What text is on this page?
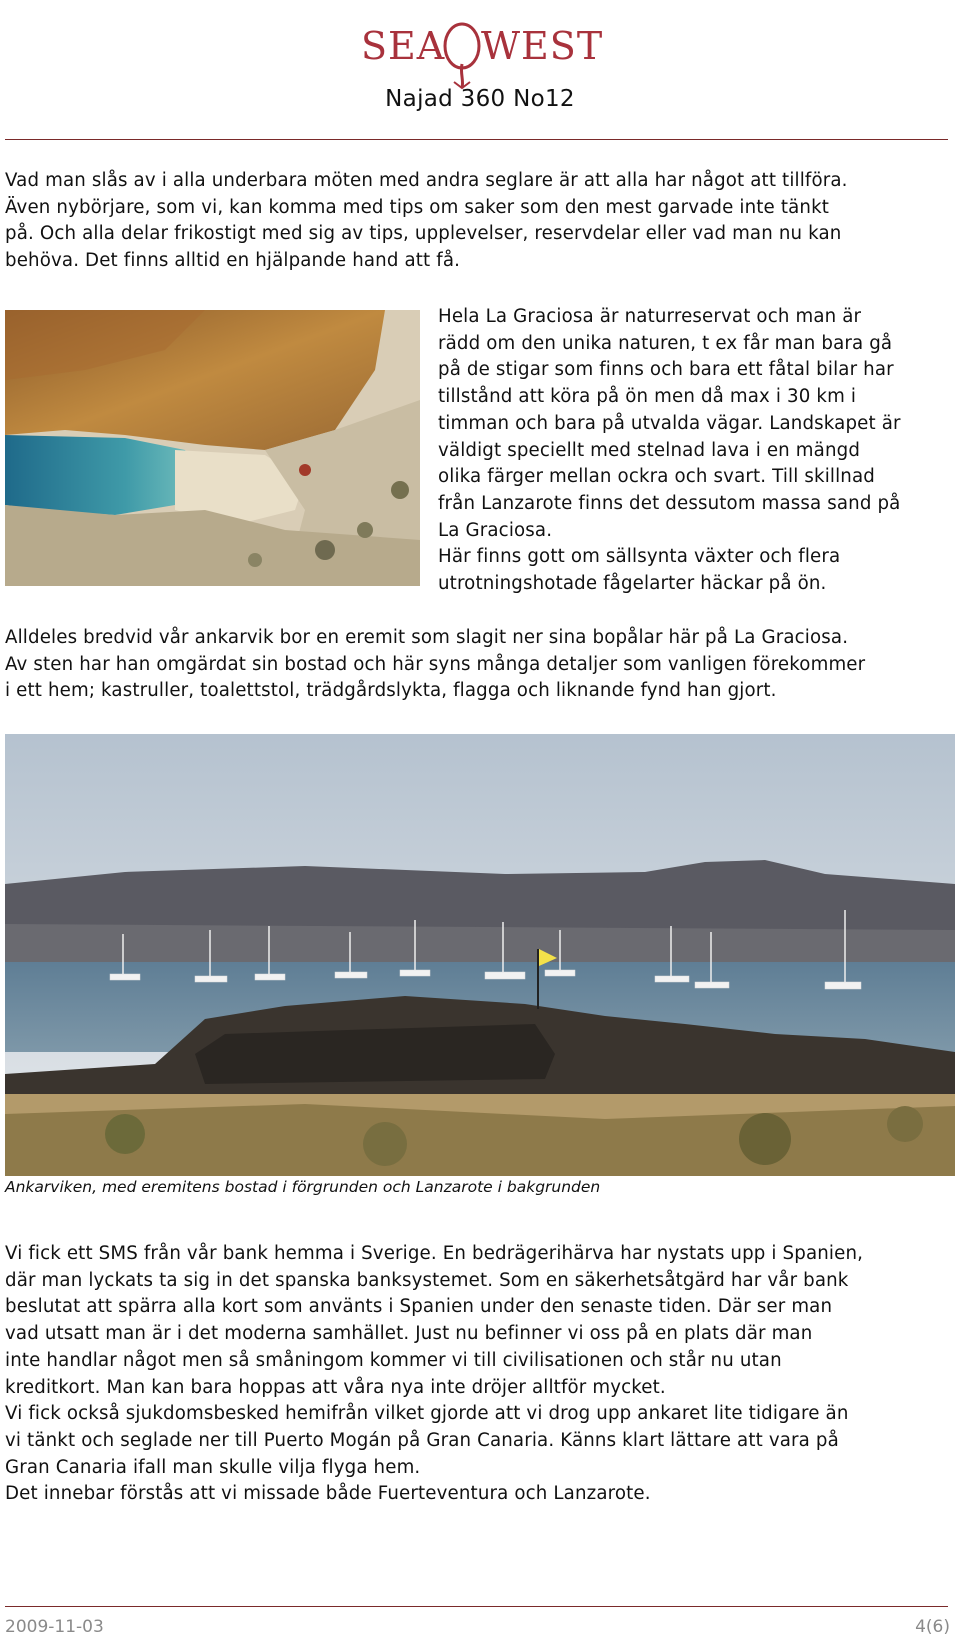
SEA WEST
Najad 360 No12
Vad man slås av i alla underbara möten med andra seglare är att alla har något att tillföra.
Även nybörjare, som vi, kan komma med tips om saker som den mest garvade inte tänkt
på. Och alla delar frikostigt med sig av tips, upplevelser, reservdelar eller vad man nu kan
behöva. Det finns alltid en hjälpande hand att få.
Hela La Graciosa är naturreservat och man är
rädd om den unika naturen, t ex får man bara gå
på de stigar som finns och bara ett fåtal bilar har
tillstånd att köra på ön men då max i 30 km i
timman och bara på utvalda vägar. Landskapet är
väldigt speciellt med stelnad lava i en mängd
olika färger mellan ockra och svart. Till skillnad
från Lanzarote finns det dessutom massa sand på
La Graciosa.
Här finns gott om sällsynta växter och flera
utrotningshotade fågelarter häckar på ön.
Alldeles bredvid vår ankarvik bor en eremit som slagit ner sina bopålar här på La Graciosa.
Av sten har han omgärdat sin bostad och här syns många detaljer som vanligen förekommer
i ett hem; kastruller, toalettstol, trädgårdslykta, flagga och liknande fynd han gjort.
Ankarviken, med eremitens bostad i förgrunden och Lanzarote i bakgrunden
Vi fick ett SMS från vår bank hemma i Sverige. En bedrägerihärva har nystats upp i Spanien,
där man lyckats ta sig in det spanska banksystemet. Som en säkerhetsåtgärd har vår bank
beslutat att spärra alla kort som använts i Spanien under den senaste tiden. Där ser man
vad utsatt man är i det moderna samhället. Just nu befinner vi oss på en plats där man
inte handlar något men så småningom kommer vi till civilisationen och står nu utan
kreditkort. Man kan bara hoppas att våra nya inte dröjer alltför mycket.
Vi fick också sjukdomsbesked hemifrån vilket gjorde att vi drog upp ankaret lite tidigare än
vi tänkt och seglade ner till Puerto Mogán på Gran Canaria. Känns klart lättare att vara på
Gran Canaria ifall man skulle vilja flyga hem.
Det innebar förstås att vi missade både Fuerteventura och Lanzarote.
2009-11-03	4(6)
